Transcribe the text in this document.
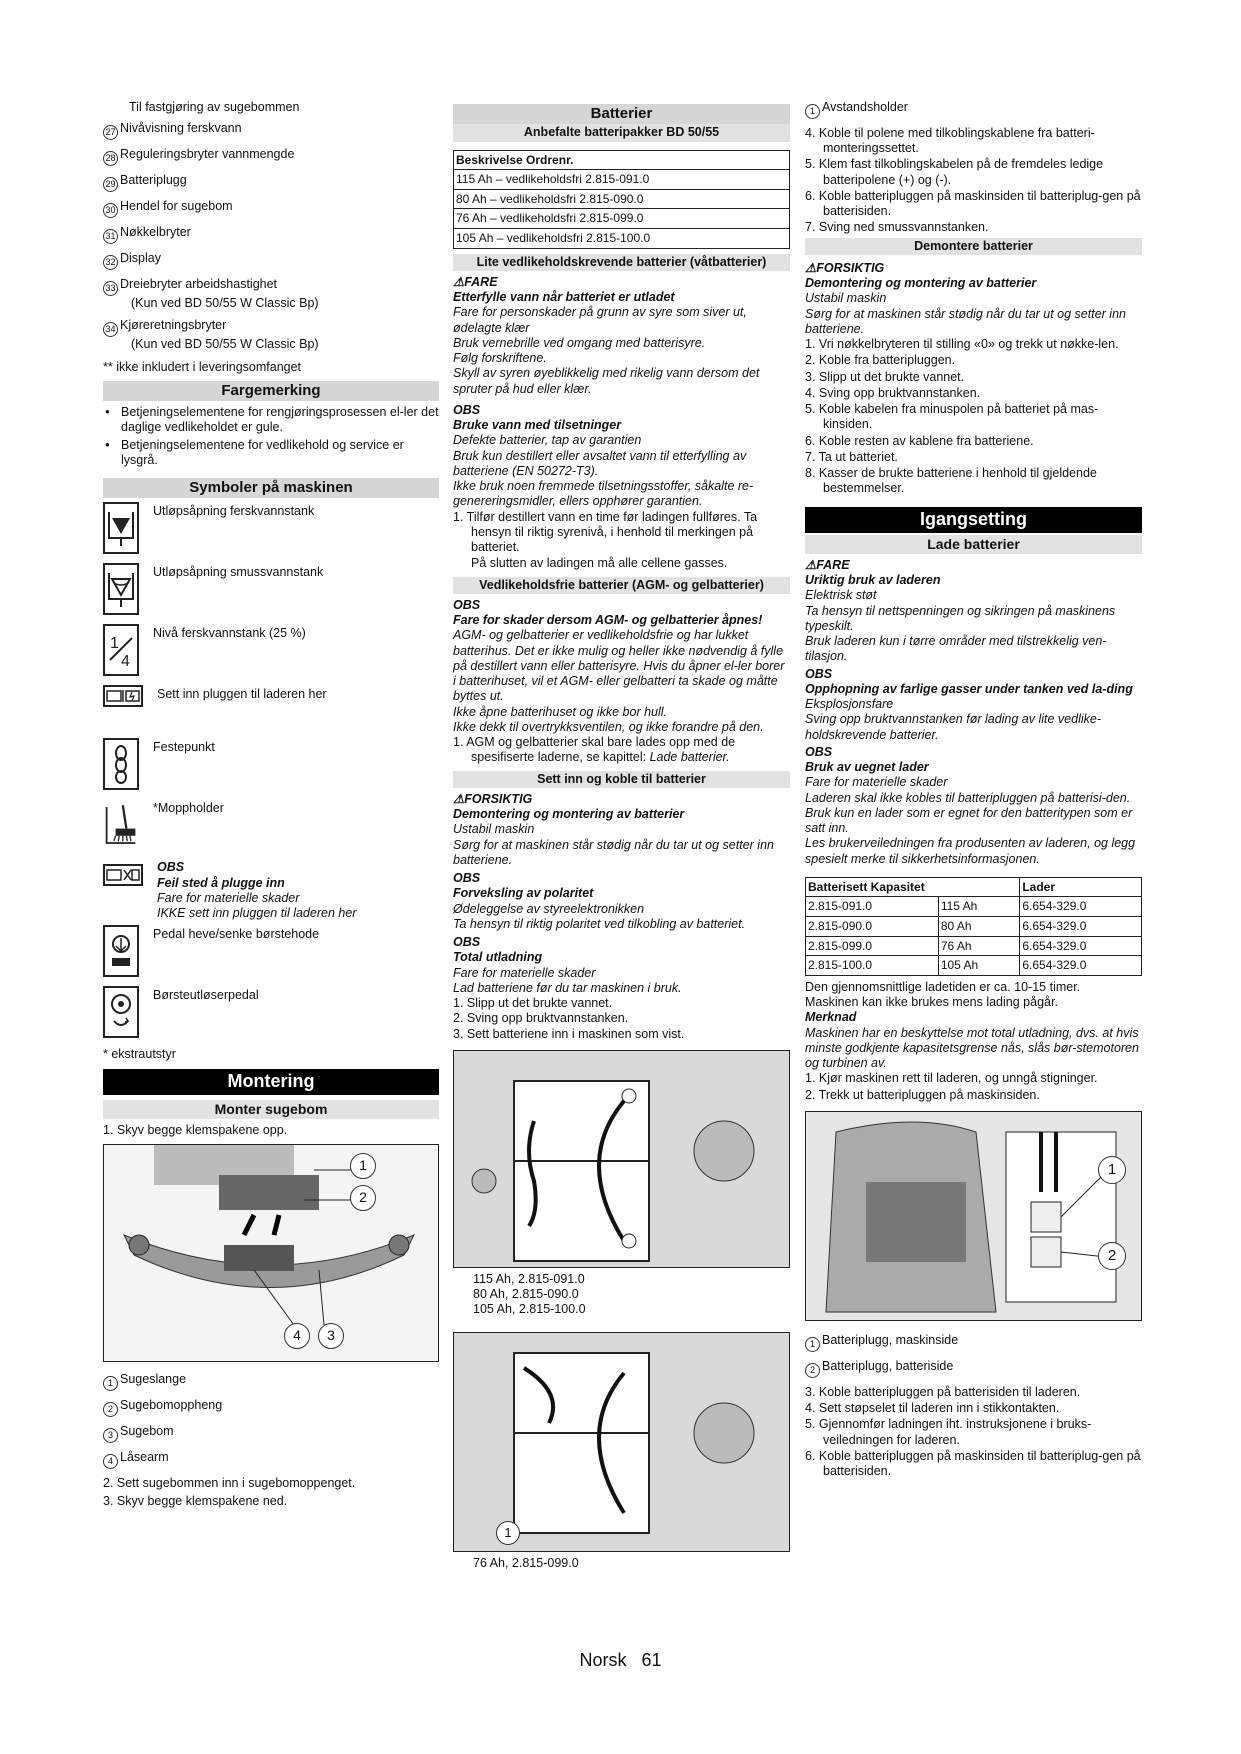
Til fastgjøring av sugebommen
27 Nivåvisning ferskvann
28 Reguleringsbryter vannmengde
29 Batteriplugg
30 Hendel for sugebom
31 Nøkkelbryter
32 Display
33 Dreiebryter arbeidshastighet
(Kun ved BD 50/55 W Classic Bp)
34 Kjøreretningsbryter
(Kun ved BD 50/55 W Classic Bp)
** ikke inkludert i leveringsomfanget
Fargemerking
● Betjeningselementene for rengjøringsprosessen el-ler det daglige vedlikeholdet er gule.
● Betjeningselementene for vedlikehold og service er lysgrå.
Symboler på maskinen
Utløpsåpning ferskvannstank
Utløpsåpning smussvannstank
1
4
Nivå ferskvannstank (25 %)
Sett inn pluggen til laderen her
Festepunkt
*Moppholder
OBS
Feil sted å plugge inn
Fare for materielle skader
IKKE sett inn pluggen til laderen her
Pedal heve/senke børstehode
Børsteutløserpedal
* ekstrautstyr
Montering
Monter sugebom
1. Skyv begge klemspakene opp.
1
2
4	3
1 Sugeslange
2 Sugebomoppheng
3 Sugebom
4 Låsearm
2. Sett sugebommen inn i sugebomoppenget.
3. Skyv begge klemspakene ned.
Batterier
Anbefalte batteripakker BD 50/55
Beskrivelse Ordrenr.
115 Ah – vedlikeholdsfri 2.815-091.0
80 Ah – vedlikeholdsfri 2.815-090.0
76 Ah – vedlikeholdsfri 2.815-099.0
105 Ah – vedlikeholdsfri 2.815-100.0
Lite vedlikeholdskrevende batterier (våtbatterier)
⚠FARE
Etterfylle vann når batteriet er utladet
Fare for personskader på grunn av syre som siver ut, ødelagte klær
Bruk vernebrille ved omgang med batterisyre.
Følg forskriftene.
Skyll av syren øyeblikkelig med rikelig vann dersom det spruter på hud eller klær.
OBS
Bruke vann med tilsetninger
Defekte batterier, tap av garantien
Bruk kun destillert eller avsaltet vann til etterfylling av batteriene (EN 50272-T3).
Ikke bruk noen fremmede tilsetningsstoffer, såkalte re-genereringsmidler, ellers opphører garantien.
1. Tilfør destillert vann en time før ladingen fullføres. Ta hensyn til riktig syrenivå, i henhold til merkingen på batteriet.
På slutten av ladingen må alle cellene gasses.
Vedlikeholdsfrie batterier (AGM- og gelbatterier)
OBS
Fare for skader dersom AGM- og gelbatterier åpnes!
AGM- og gelbatterier er vedlikeholdsfrie og har lukket batterihus. Det er ikke mulig og heller ikke nødvendig å fylle på destillert vann eller batterisyre. Hvis du åpner el-ler borer i batterihuset, vil et AGM- eller gelbatteri ta skade og måtte byttes ut.
Ikke åpne batterihuset og ikke bor hull.
Ikke dekk til overtrykksventilen, og ikke forandre på den.
1. AGM og gelbatterier skal bare lades opp med de spesifiserte laderne, se kapittel: Lade batterier.
Sett inn og koble til batterier
⚠FORSIKTIG
Demontering og montering av batterier
Ustabil maskin
Sørg for at maskinen står stødig når du tar ut og setter inn batteriene.
OBS
Forveksling av polaritet
Ødeleggelse av styreelektronikken
Ta hensyn til riktig polaritet ved tilkobling av batteriet.
OBS
Total utladning
Fare for materielle skader
Lad batteriene før du tar maskinen i bruk.
1. Slipp ut det brukte vannet.
2. Sving opp bruktvannstanken.
3. Sett batteriene inn i maskinen som vist.
115 Ah, 2.815-091.0
80 Ah, 2.815-090.0
105 Ah, 2.815-100.0
1
76 Ah, 2.815-099.0
1 Avstandsholder
4. Koble til polene med tilkoblingskablene fra batteri-monteringssettet.
5. Klem fast tilkoblingskabelen på de fremdeles ledige batteripolene (+) og (-).
6. Koble batteripluggen på maskinsiden til batteriplug-gen på batterisiden.
7. Sving ned smussvannstanken.
Demontere batterier
⚠FORSIKTIG
Demontering og montering av batterier
Ustabil maskin
Sørg for at maskinen står stødig når du tar ut og setter inn batteriene.
1. Vri nøkkelbryteren til stilling «0» og trekk ut nøkke-len.
2. Koble fra batteripluggen.
3. Slipp ut det brukte vannet.
4. Sving opp bruktvannstanken.
5. Koble kabelen fra minuspolen på batteriet på mas-kinsiden.
6. Koble resten av kablene fra batteriene.
7. Ta ut batteriet.
8. Kasser de brukte batteriene i henhold til gjeldende bestemmelser.
Igangsetting
Lade batterier
⚠FARE
Uriktig bruk av laderen
Elektrisk støt
Ta hensyn til nettspenningen og sikringen på maskinens typeskilt.
Bruk laderen kun i tørre områder med tilstrekkelig ven-tilasjon.
OBS
Opphopning av farlige gasser under tanken ved la-ding
Eksplosjonsfare
Sving opp bruktvannstanken før lading av lite vedlike-holdskrevende batterier.
OBS
Bruk av uegnet lader
Fare for materielle skader
Laderen skal ikke kobles til batteripluggen på batterisi-den.
Bruk kun en lader som er egnet for den batteritypen som er satt inn.
Les brukerveiledningen fra produsenten av laderen, og legg spesielt merke til sikkerhetsinformasjonen.
Batterisett Kapasitet		Lader
2.815-091.0	115 Ah	6.654-329.0
2.815-090.0	80 Ah	6.654-329.0
2.815-099.0	76 Ah	6.654-329.0
2.815-100.0	105 Ah	6.654-329.0
Den gjennomsnittlige ladetiden er ca. 10-15 timer.
Maskinen kan ikke brukes mens lading pågår.
Merknad
Maskinen har en beskyttelse mot total utladning, dvs. at hvis minste godkjente kapasitetsgrense nås, slås bør-stemotoren og turbinen av.
1. Kjør maskinen rett til laderen, og unngå stigninger.
2. Trekk ut batteripluggen på maskinsiden.
1
2
1 Batteriplugg, maskinside
2 Batteriplugg, batteriside
3. Koble batteripluggen på batterisiden til laderen.
4. Sett støpselet til laderen inn i stikkontakten.
5. Gjennomfør ladningen iht. instruksjonene i bruks-veiledningen for laderen.
6. Koble batteripluggen på maskinsiden til batteriplug-gen på batterisiden.
Norsk 61
